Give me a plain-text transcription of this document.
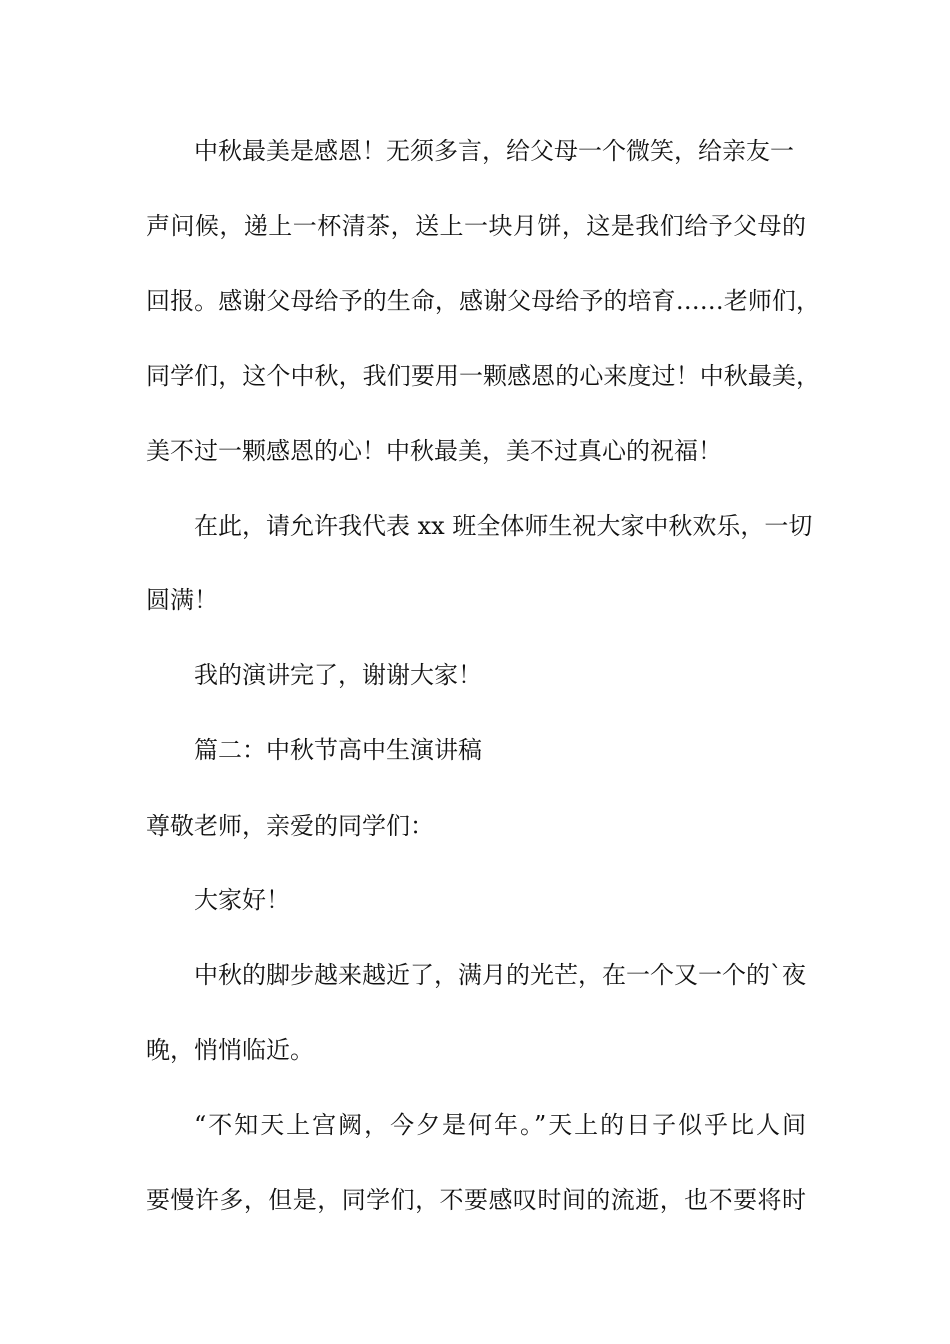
中秋最美是感恩！无须多言，给父母一个微笑，给亲友一
声问候，递上一杯清茶，送上一块月饼，这是我们给予父母的
回报。感谢父母给予的生命，感谢父母给予的培育……老师们，
同学们，这个中秋，我们要用一颗感恩的心来度过！中秋最美，
美不过一颗感恩的心！中秋最美，美不过真心的祝福！
在此，请允许我代表 xx 班全体师生祝大家中秋欢乐，一切
圆满！
我的演讲完了，谢谢大家！
篇二：中秋节高中生演讲稿
尊敬老师，亲爱的同学们：
大家好！
中秋的脚步越来越近了，满月的光芒，在一个又一个的`夜
晚，悄悄临近。
“不知天上宫阙，今夕是何年。”天上的日子似乎比人间
要慢许多，但是，同学们，不要感叹时间的流逝，也不要将时
